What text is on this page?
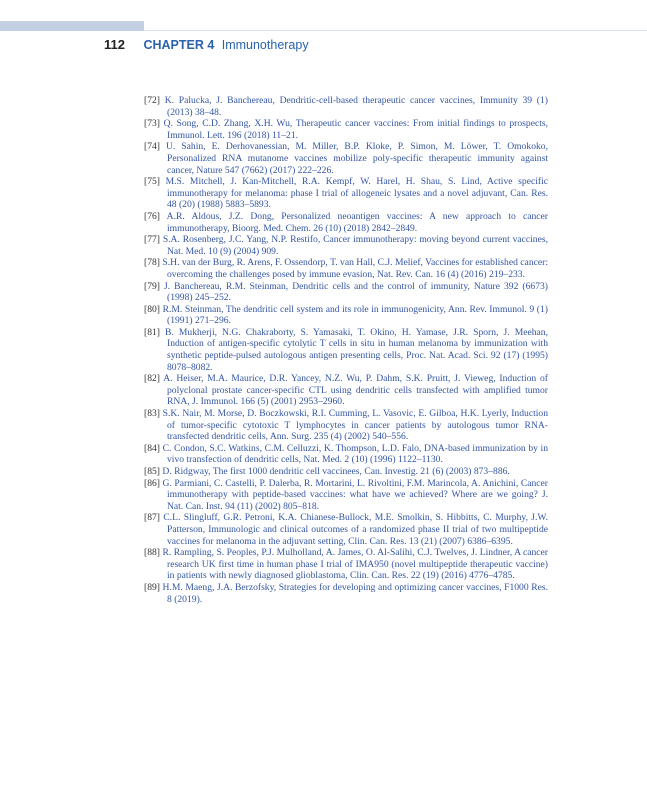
112 CHAPTER 4 Immunotherapy
[72] K. Palucka, J. Banchereau, Dendritic-cell-based therapeutic cancer vaccines, Immunity 39 (1) (2013) 38–48.
[73] Q. Song, C.D. Zhang, X.H. Wu, Therapeutic cancer vaccines: From initial findings to prospects, Immunol. Lett. 196 (2018) 11–21.
[74] U. Sahin, E. Derhovanessian, M. Miller, B.P. Kloke, P. Simon, M. Löwer, T. Omokoko, Personalized RNA mutanome vaccines mobilize poly-specific therapeutic immunity against cancer, Nature 547 (7662) (2017) 222–226.
[75] M.S. Mitchell, J. Kan-Mitchell, R.A. Kempf, W. Harel, H. Shau, S. Lind, Active specific immunotherapy for melanoma: phase I trial of allogeneic lysates and a novel adjuvant, Can. Res. 48 (20) (1988) 5883–5893.
[76] A.R. Aldous, J.Z. Dong, Personalized neoantigen vaccines: A new approach to cancer immunotherapy, Bioorg. Med. Chem. 26 (10) (2018) 2842–2849.
[77] S.A. Rosenberg, J.C. Yang, N.P. Restifo, Cancer immunotherapy: moving beyond current vaccines, Nat. Med. 10 (9) (2004) 909.
[78] S.H. van der Burg, R. Arens, F. Ossendorp, T. van Hall, C.J. Melief, Vaccines for established cancer: overcoming the challenges posed by immune evasion, Nat. Rev. Can. 16 (4) (2016) 219–233.
[79] J. Banchereau, R.M. Steinman, Dendritic cells and the control of immunity, Nature 392 (6673) (1998) 245–252.
[80] R.M. Steinman, The dendritic cell system and its role in immunogenicity, Ann. Rev. Immunol. 9 (1) (1991) 271–296.
[81] B. Mukherji, N.G. Chakraborty, S. Yamasaki, T. Okino, H. Yamase, J.R. Sporn, J. Meehan, Induction of antigen-specific cytolytic T cells in situ in human melanoma by immunization with synthetic peptide-pulsed autologous antigen presenting cells, Proc. Nat. Acad. Sci. 92 (17) (1995) 8078–8082.
[82] A. Heiser, M.A. Maurice, D.R. Yancey, N.Z. Wu, P. Dahm, S.K. Pruitt, J. Vieweg, Induction of polyclonal prostate cancer-specific CTL using dendritic cells transfected with amplified tumor RNA, J. Immunol. 166 (5) (2001) 2953–2960.
[83] S.K. Nair, M. Morse, D. Boczkowski, R.I. Cumming, L. Vasovic, E. Gilboa, H.K. Lyerly, Induction of tumor-specific cytotoxic T lymphocytes in cancer patients by autologous tumor RNA-transfected dendritic cells, Ann. Surg. 235 (4) (2002) 540–556.
[84] C. Condon, S.C. Watkins, C.M. Celluzzi, K. Thompson, L.D. Falo, DNA-based immunization by in vivo transfection of dendritic cells, Nat. Med. 2 (10) (1996) 1122–1130.
[85] D. Ridgway, The first 1000 dendritic cell vaccinees, Can. Investig. 21 (6) (2003) 873–886.
[86] G. Parmiani, C. Castelli, P. Dalerba, R. Mortarini, L. Rivoltini, F.M. Marincola, A. Anichini, Cancer immunotherapy with peptide-based vaccines: what have we achieved? Where are we going? J. Nat. Can. Inst. 94 (11) (2002) 805–818.
[87] C.L. Slingluff, G.R. Petroni, K.A. Chianese-Bullock, M.E. Smolkin, S. Hibbitts, C. Murphy, J.W. Patterson, Immunologic and clinical outcomes of a randomized phase II trial of two multipeptide vaccines for melanoma in the adjuvant setting, Clin. Can. Res. 13 (21) (2007) 6386–6395.
[88] R. Rampling, S. Peoples, P.J. Mulholland, A. James, O. Al-Salihi, C.J. Twelves, J. Lindner, A cancer research UK first time in human phase I trial of IMA950 (novel multipeptide therapeutic vaccine) in patients with newly diagnosed glioblastoma, Clin. Can. Res. 22 (19) (2016) 4776–4785.
[89] H.M. Maeng, J.A. Berzofsky, Strategies for developing and optimizing cancer vaccines, F1000 Res. 8 (2019).
